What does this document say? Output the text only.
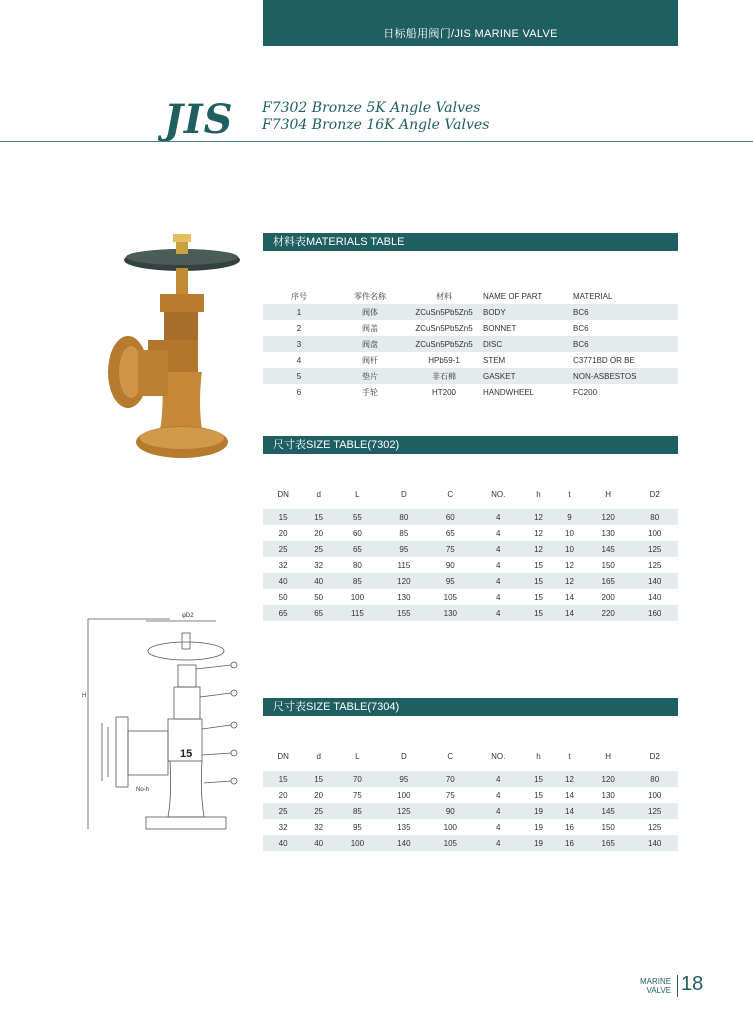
日标船用阀门/JIS MARINE VALVE
JIS F7302 Bronze 5K Angle Valves
F7304 Bronze 16K Angle Valves
φD2
H
15
No-h
材料表MATERIALS TABLE
序号	零件名称	材料	NAME OF PART	MATERIAL
1	阀体	ZCuSn5Pb5Zn5	BODY	BC6
2	阀盖	ZCuSn5Pb5Zn5	BONNET	BC6
3	阀盘	ZCuSn5Pb5Zn5	DISC	BC6
4	阀杆	HPb59-1	STEM	C3771BD OR BE
5	垫片	非石棉	GASKET	NON-ASBESTOS
6	手轮	HT200	HANDWHEEL	FC200
尺寸表SIZE TABLE(7302)
DN	d	L	D	C	NO.	h	t	H	D2
15	15	55	80	60	4	12	9	120	80
20	20	60	85	65	4	12	10	130	100
25	25	65	95	75	4	12	10	145	125
32	32	80	115	90	4	15	12	150	125
40	40	85	120	95	4	15	12	165	140
50	50	100	130	105	4	15	14	200	140
65	65	115	155	130	4	15	14	220	160
尺寸表SIZE TABLE(7304)
DN	d	L	D	C	NO.	h	t	H	D2
15	15	70	95	70	4	15	12	120	80
20	20	75	100	75	4	15	14	130	100
25	25	85	125	90	4	19	14	145	125
32	32	95	135	100	4	19	16	150	125
40	40	100	140	105	4	19	16	165	140
MARINE
VALVE 18
